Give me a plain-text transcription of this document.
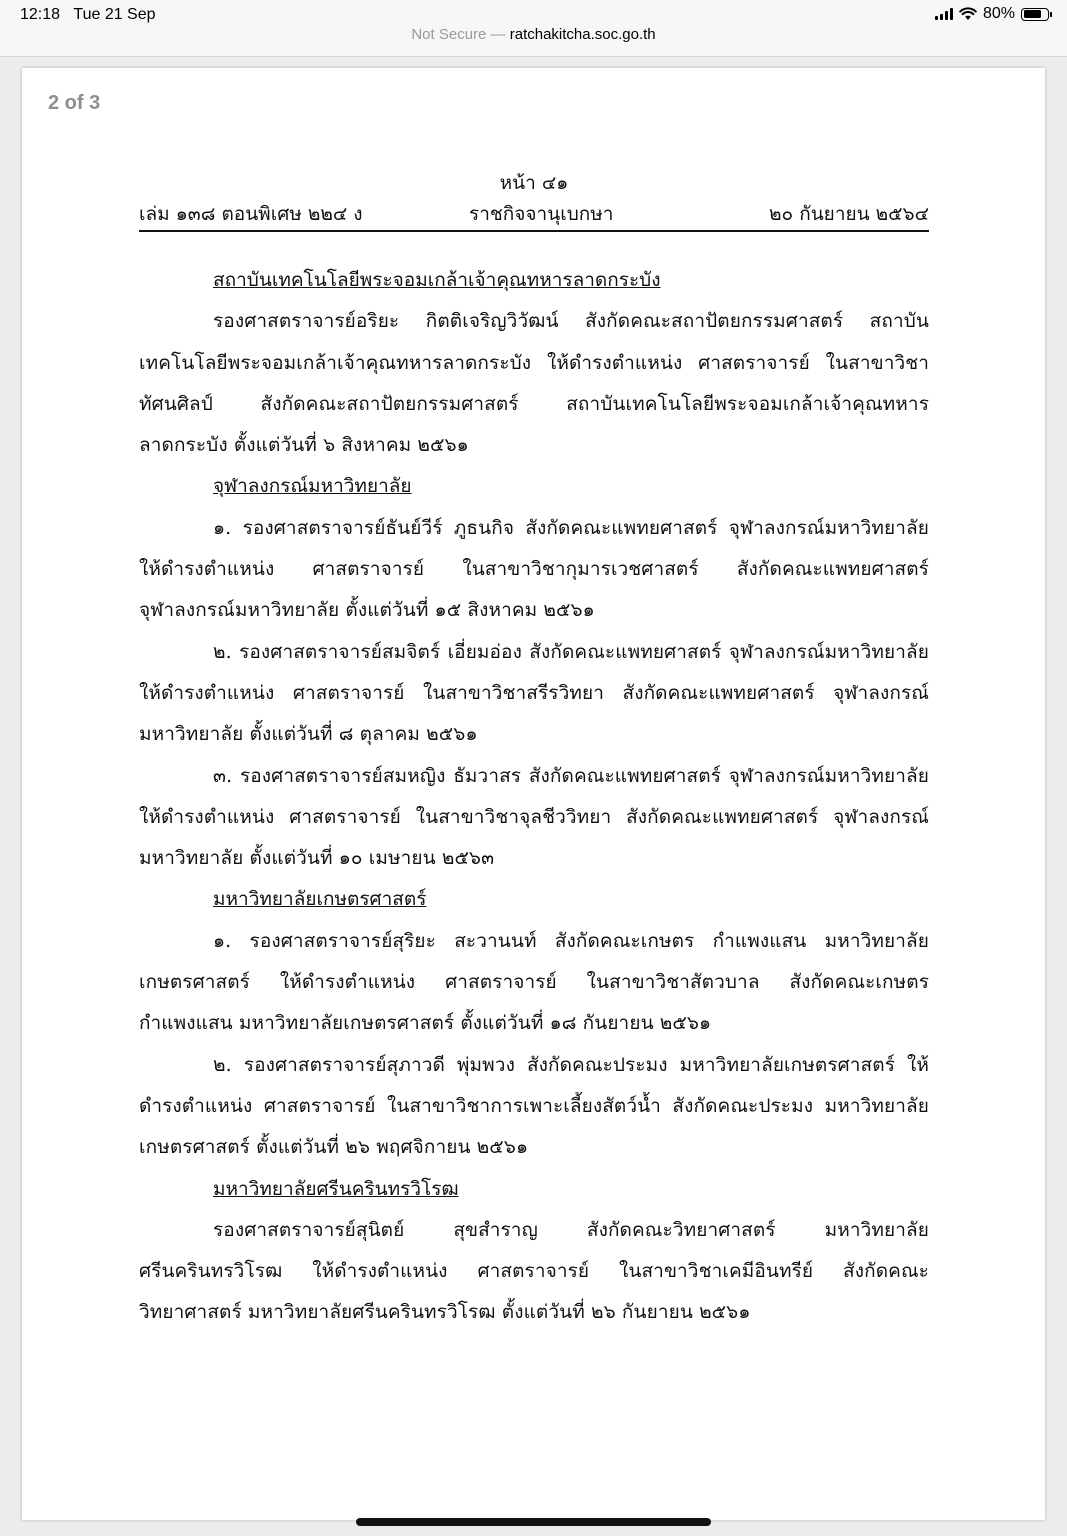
12:18 Tue 21 Sep	80%
Not Secure — ratchakitcha.soc.go.th
2 of 3
หน้า ๔๑
เล่ม ๑๓๘ ตอนพิเศษ ๒๒๔ ง	ราชกิจจานุเบกษา	๒๐ กันยายน ๒๕๖๔
สถาบันเทคโนโลยีพระจอมเกล้าเจ้าคุณทหารลาดกระบัง

รองศาสตราจารย์อริยะ กิตติเจริญวิวัฒน์ สังกัดคณะสถาปัตยกรรมศาสตร์ สถาบันเทคโนโลยีพระจอมเกล้าเจ้าคุณทหารลาดกระบัง ให้ดำรงตำแหน่ง ศาสตราจารย์ ในสาขาวิชาทัศนศิลป์ สังกัดคณะสถาปัตยกรรมศาสตร์ สถาบันเทคโนโลยีพระจอมเกล้าเจ้าคุณทหารลาดกระบัง ตั้งแต่วันที่ ๖ สิงหาคม ๒๕๖๑

จุฬาลงกรณ์มหาวิทยาลัย

๑. รองศาสตราจารย์ธันย์วีร์ ภูธนกิจ สังกัดคณะแพทยศาสตร์ จุฬาลงกรณ์มหาวิทยาลัย ให้ดำรงตำแหน่ง ศาสตราจารย์ ในสาขาวิชากุมารเวชศาสตร์ สังกัดคณะแพทยศาสตร์ จุฬาลงกรณ์มหาวิทยาลัย ตั้งแต่วันที่ ๑๕ สิงหาคม ๒๕๖๑

๒. รองศาสตราจารย์สมจิตร์ เอี่ยมอ่อง สังกัดคณะแพทยศาสตร์ จุฬาลงกรณ์มหาวิทยาลัย ให้ดำรงตำแหน่ง ศาสตราจารย์ ในสาขาวิชาสรีรวิทยา สังกัดคณะแพทยศาสตร์ จุฬาลงกรณ์มหาวิทยาลัย ตั้งแต่วันที่ ๘ ตุลาคม ๒๕๖๑

๓. รองศาสตราจารย์สมหญิง ธัมวาสร สังกัดคณะแพทยศาสตร์ จุฬาลงกรณ์มหาวิทยาลัย ให้ดำรงตำแหน่ง ศาสตราจารย์ ในสาขาวิชาจุลชีววิทยา สังกัดคณะแพทยศาสตร์ จุฬาลงกรณ์มหาวิทยาลัย ตั้งแต่วันที่ ๑๐ เมษายน ๒๕๖๓

มหาวิทยาลัยเกษตรศาสตร์

๑. รองศาสตราจารย์สุริยะ สะวานนท์ สังกัดคณะเกษตร กำแพงแสน มหาวิทยาลัยเกษตรศาสตร์ ให้ดำรงตำแหน่ง ศาสตราจารย์ ในสาขาวิชาสัตวบาล สังกัดคณะเกษตร กำแพงแสน มหาวิทยาลัยเกษตรศาสตร์ ตั้งแต่วันที่ ๑๘ กันยายน ๒๕๖๑

๒. รองศาสตราจารย์สุภาวดี พุ่มพวง สังกัดคณะประมง มหาวิทยาลัยเกษตรศาสตร์ ให้ดำรงตำแหน่ง ศาสตราจารย์ ในสาขาวิชาการเพาะเลี้ยงสัตว์น้ำ สังกัดคณะประมง มหาวิทยาลัยเกษตรศาสตร์ ตั้งแต่วันที่ ๒๖ พฤศจิกายน ๒๕๖๑

มหาวิทยาลัยศรีนครินทรวิโรฒ

รองศาสตราจารย์สุนิตย์ สุขสำราญ สังกัดคณะวิทยาศาสตร์ มหาวิทยาลัยศรีนครินทรวิโรฒ ให้ดำรงตำแหน่ง ศาสตราจารย์ ในสาขาวิชาเคมีอินทรีย์ สังกัดคณะวิทยาศาสตร์ มหาวิทยาลัยศรีนครินทรวิโรฒ ตั้งแต่วันที่ ๒๖ กันยายน ๒๕๖๑
